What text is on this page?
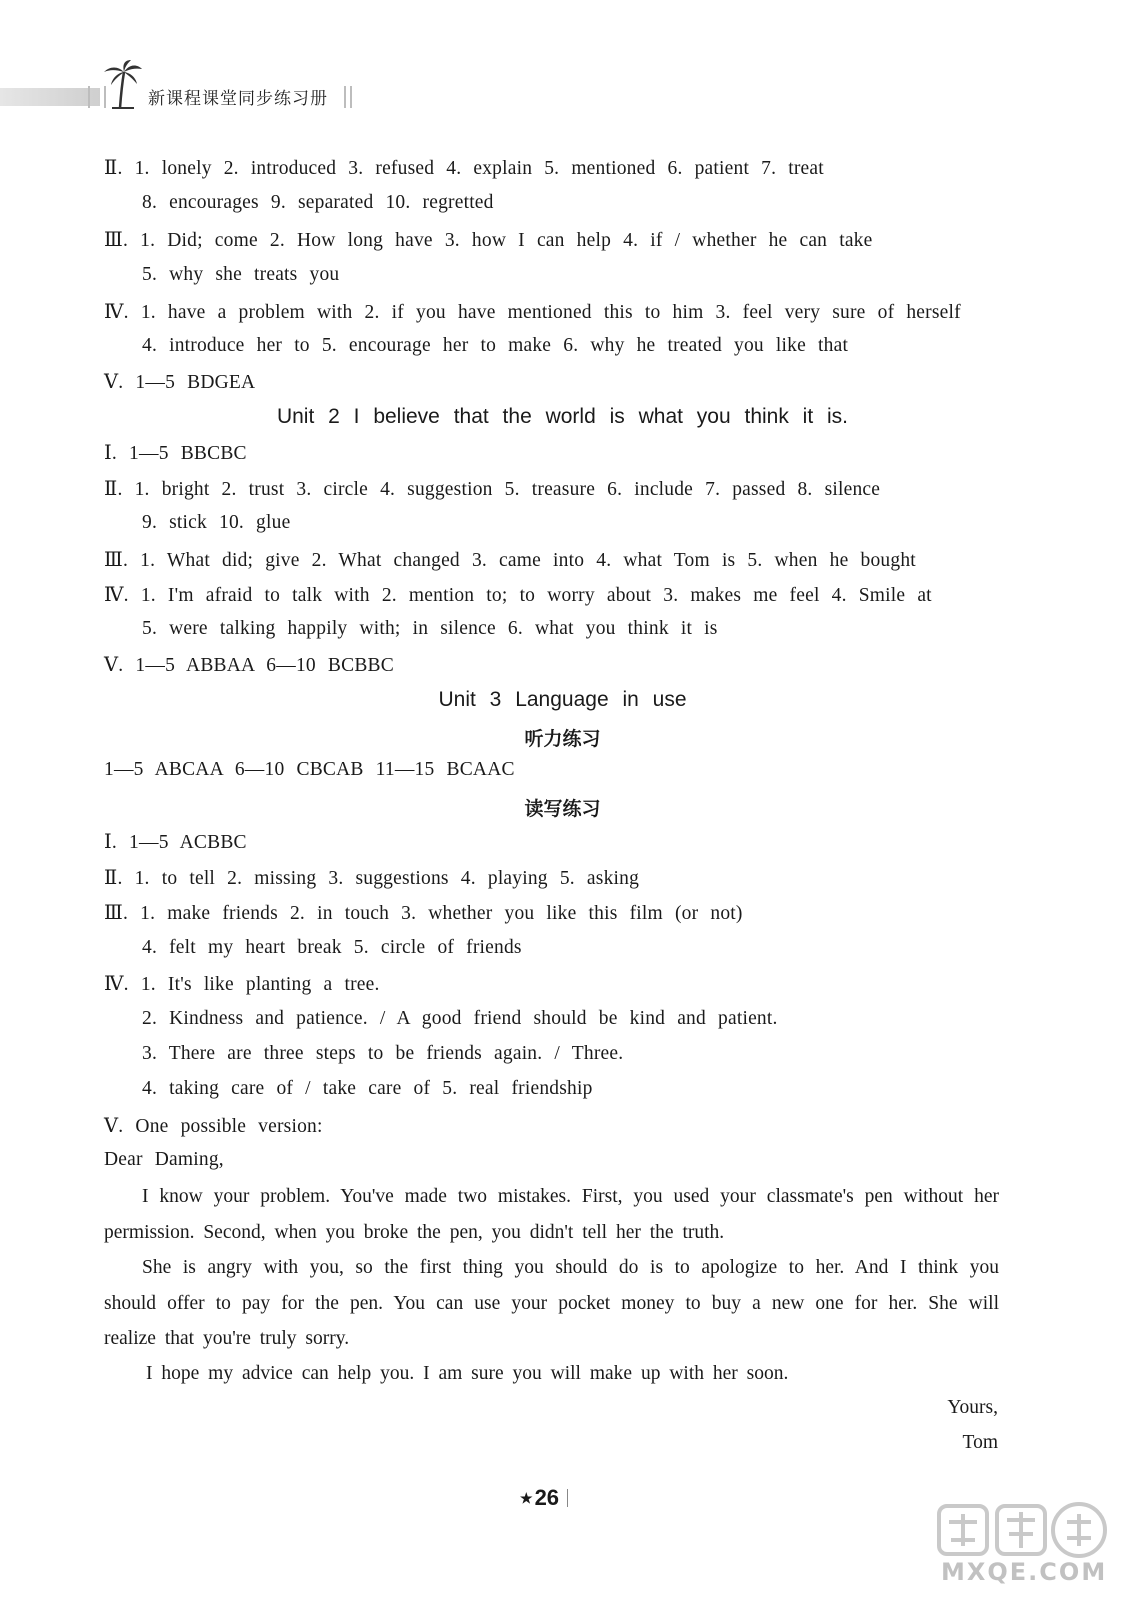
新课程课堂同步练习册
Ⅱ. 1. lonely 2. introduced 3. refused 4. explain 5. mentioned 6. patient 7. treat
8. encourages 9. separated 10. regretted
Ⅲ. 1. Did; come 2. How long have 3. how I can help 4. if / whether he can take
5. why she treats you
Ⅳ. 1. have a problem with 2. if you have mentioned this to him 3. feel very sure of herself
4. introduce her to 5. encourage her to make 6. why he treated you like that
Ⅴ. 1—5 BDGEA
Unit 2 I believe that the world is what you think it is.
Ⅰ. 1—5 BBCBC
Ⅱ. 1. bright 2. trust 3. circle 4. suggestion 5. treasure 6. include 7. passed 8. silence
9. stick 10. glue
Ⅲ. 1. What did; give 2. What changed 3. came into 4. what Tom is 5. when he bought
Ⅳ. 1. I'm afraid to talk with 2. mention to; to worry about 3. makes me feel 4. Smile at
5. were talking happily with; in silence 6. what you think it is
Ⅴ. 1—5 ABBAA 6—10 BCBBC
Unit 3 Language in use
听力练习
1—5 ABCAA 6—10 CBCAB 11—15 BCAAC
读写练习
Ⅰ. 1—5 ACBBC
Ⅱ. 1. to tell 2. missing 3. suggestions 4. playing 5. asking
Ⅲ. 1. make friends 2. in touch 3. whether you like this film (or not)
4. felt my heart break 5. circle of friends
Ⅳ. 1. It's like planting a tree.
2. Kindness and patience. / A good friend should be kind and patient.
3. There are three steps to be friends again. / Three.
4. taking care of / take care of 5. real friendship
Ⅴ. One possible version:
Dear Daming,
I know your problem. You've made two mistakes. First, you used your classmate's pen without her permission. Second, when you broke the pen, you didn't tell her the truth.
She is angry with you, so the first thing you should do is to apologize to her. And I think you should offer to pay for the pen. You can use your pocket money to buy a new one for her. She will realize that you're truly sorry.
I hope my advice can help you. I am sure you will make up with her soon.
Yours,
Tom
★26
MXQE.COM
